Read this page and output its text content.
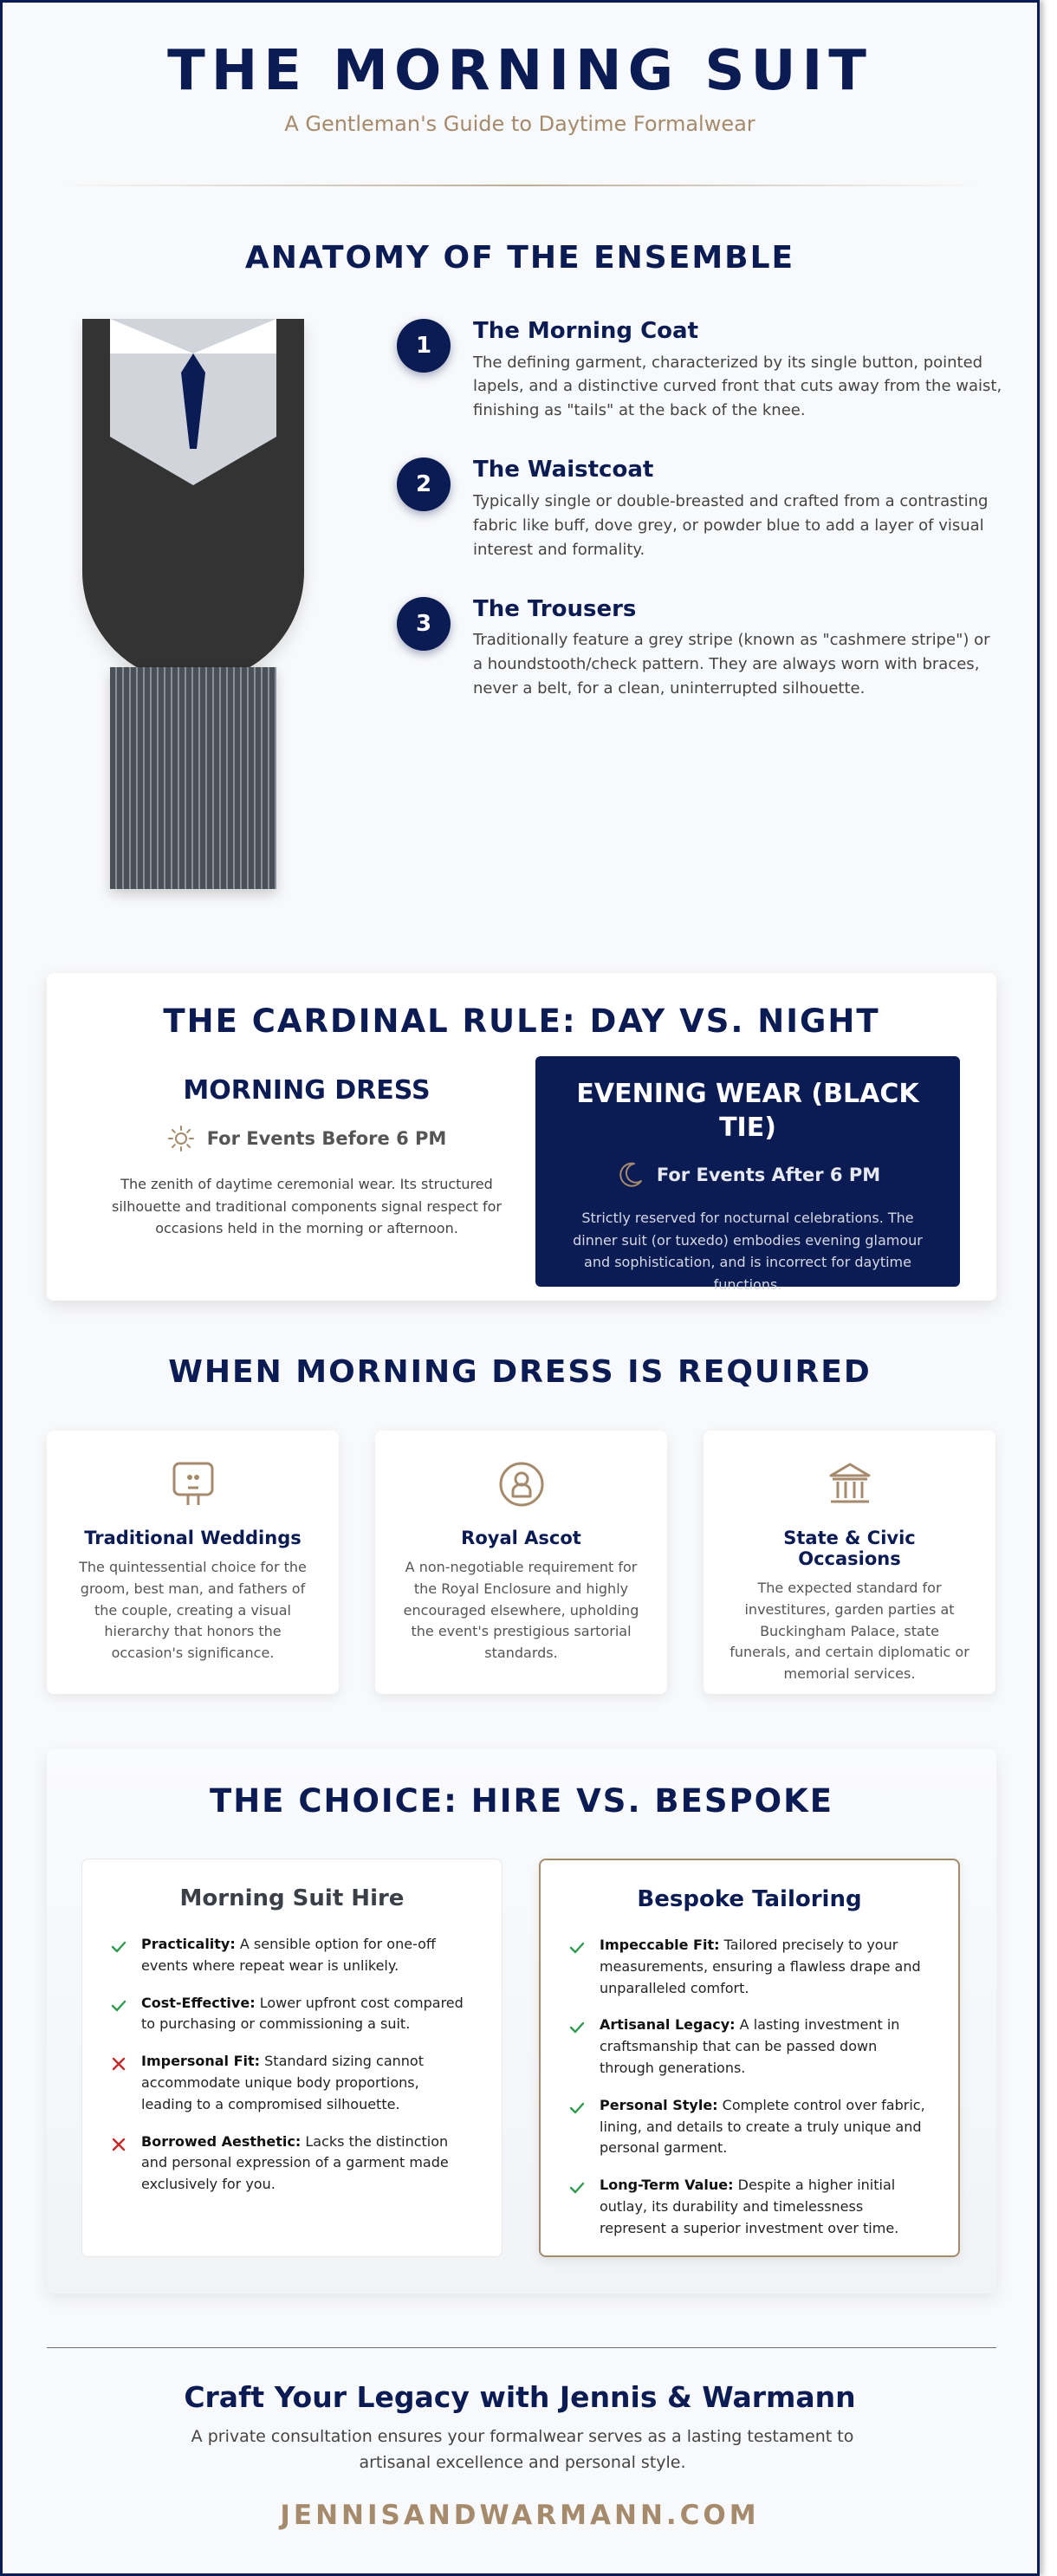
THE MORNING SUIT
A Gentleman's Guide to Daytime Formalwear
ANATOMY OF THE ENSEMBLE
1
The Morning Coat
The defining garment, characterized by its single button, pointed lapels, and a distinctive curved front that cuts away from the waist, finishing as "tails" at the back of the knee.
2
The Waistcoat
Typically single or double-breasted and crafted from a contrasting fabric like buff, dove grey, or powder blue to add a layer of visual interest and formality.
3
The Trousers
Traditionally feature a grey stripe (known as "cashmere stripe") or a houndstooth/check pattern. They are always worn with braces, never a belt, for a clean, uninterrupted silhouette.
THE CARDINAL RULE: DAY VS. NIGHT
MORNING DRESS
For Events Before 6 PM
The zenith of daytime ceremonial wear. Its structured silhouette and traditional components signal respect for occasions held in the morning or afternoon.
EVENING WEAR (BLACK TIE)
For Events After 6 PM
Strictly reserved for nocturnal celebrations. The dinner suit (or tuxedo) embodies evening glamour and sophistication, and is incorrect for daytime functions.
WHEN MORNING DRESS IS REQUIRED
Traditional Weddings
The quintessential choice for the groom, best man, and fathers of the couple, creating a visual hierarchy that honors the occasion's significance.
Royal Ascot
A non-negotiable requirement for the Royal Enclosure and highly encouraged elsewhere, upholding the event's prestigious sartorial standards.
State & Civic Occasions
The expected standard for investitures, garden parties at Buckingham Palace, state funerals, and certain diplomatic or memorial services.
THE CHOICE: HIRE VS. BESPOKE
Morning Suit Hire
Practicality: A sensible option for one-off events where repeat wear is unlikely.
Cost-Effective: Lower upfront cost compared to purchasing or commissioning a suit.
Impersonal Fit: Standard sizing cannot accommodate unique body proportions, leading to a compromised silhouette.
Borrowed Aesthetic: Lacks the distinction and personal expression of a garment made exclusively for you.
Bespoke Tailoring
Impeccable Fit: Tailored precisely to your measurements, ensuring a flawless drape and unparalleled comfort.
Artisanal Legacy: A lasting investment in craftsmanship that can be passed down through generations.
Personal Style: Complete control over fabric, lining, and details to create a truly unique and personal garment.
Long-Term Value: Despite a higher initial outlay, its durability and timelessness represent a superior investment over time.
Craft Your Legacy with Jennis & Warmann
A private consultation ensures your formalwear serves as a lasting testament to artisanal excellence and personal style.
JENNISANDWARMANN.COM
